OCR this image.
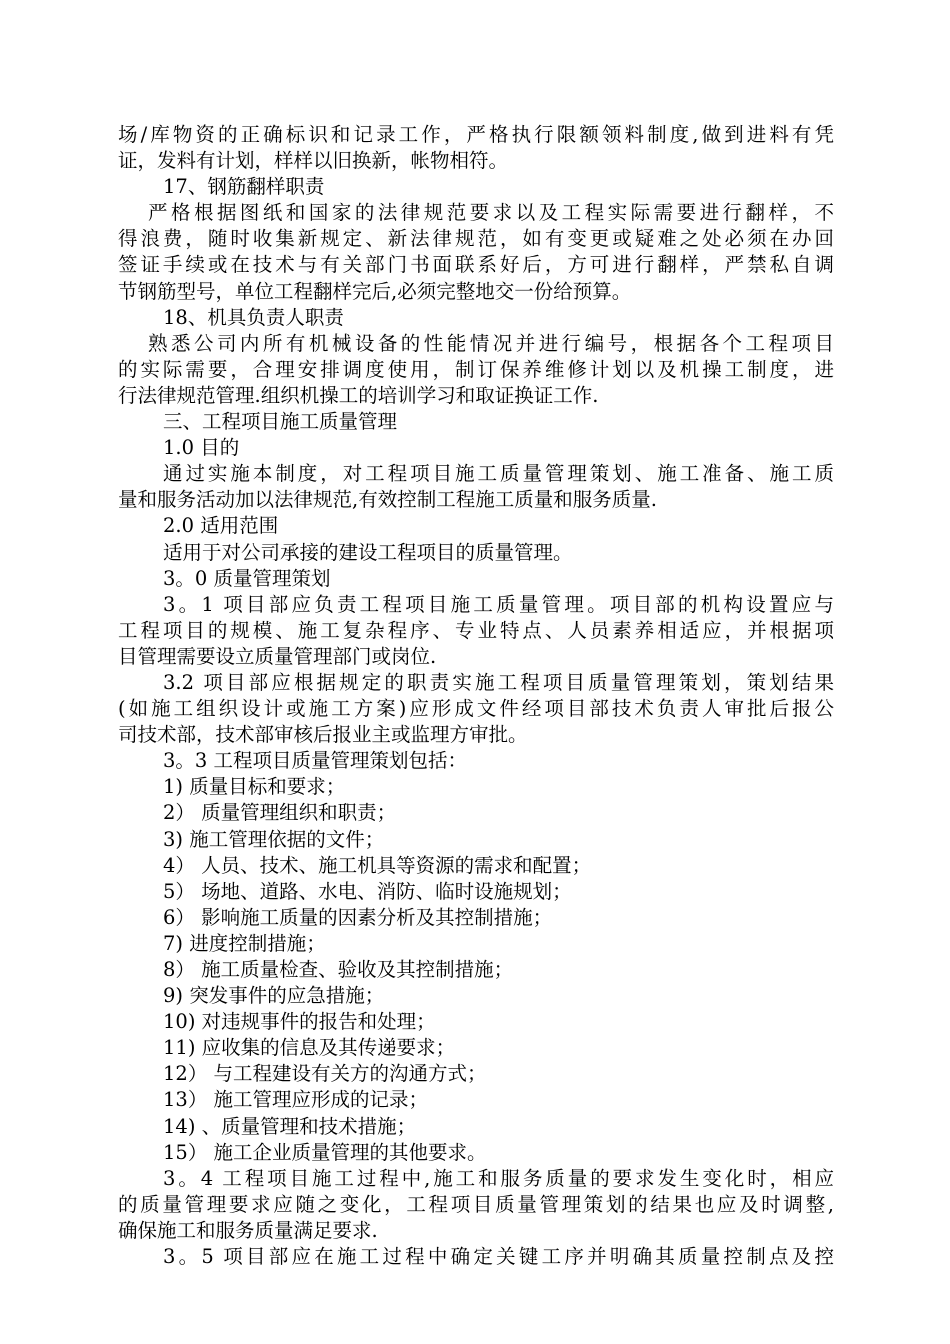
场/库物资的正确标识和记录工作，严格执行限额领料制度,做到进料有凭
证，发料有计划，样样以旧换新，帐物相符。
17、钢筋翻样职责
严格根据图纸和国家的法律规范要求以及工程实际需要进行翻样，不
得浪费，随时收集新规定、新法律规范，如有变更或疑难之处必须在办回
签证手续或在技术与有关部门书面联系好后，方可进行翻样，严禁私自调
节钢筋型号，单位工程翻样完后,必须完整地交一份给预算。
18、机具负责人职责
熟悉公司内所有机械设备的性能情况并进行编号，根据各个工程项目
的实际需要，合理安排调度使用，制订保养维修计划以及机操工制度，进
行法律规范管理.组织机操工的培训学习和取证换证工作.
三、工程项目施工质量管理
1.0 目的
通过实施本制度，对工程项目施工质量管理策划、施工准备、施工质
量和服务活动加以法律规范,有效控制工程施工质量和服务质量.
2.0 适用范围
适用于对公司承接的建设工程项目的质量管理。
3。0 质量管理策划
3。1 项目部应负责工程项目施工质量管理。项目部的机构设置应与
工程项目的规模、施工复杂程序、专业特点、人员素养相适应，并根据项
目管理需要设立质量管理部门或岗位.
3.2 项目部应根据规定的职责实施工程项目质量管理策划，策划结果
(如施工组织设计或施工方案)应形成文件经项目部技术负责人审批后报公
司技术部，技术部审核后报业主或监理方审批。
3。3 工程项目质量管理策划包括：
1) 质量目标和要求；
2） 质量管理组织和职责；
3) 施工管理依据的文件；
4） 人员、技术、施工机具等资源的需求和配置；
5） 场地、道路、水电、消防、临时设施规划；
6） 影响施工质量的因素分析及其控制措施；
7) 进度控制措施；
8） 施工质量检查、验收及其控制措施；
9) 突发事件的应急措施；
10) 对违规事件的报告和处理；
11) 应收集的信息及其传递要求；
12） 与工程建设有关方的沟通方式；
13） 施工管理应形成的记录；
14) 、质量管理和技术措施；
15） 施工企业质量管理的其他要求。
3。4 工程项目施工过程中,施工和服务质量的要求发生变化时，相应
的质量管理要求应随之变化，工程项目质量管理策划的结果也应及时调整,
确保施工和服务质量满足要求.
3。5 项目部应在施工过程中确定关键工序并明确其质量控制点及控
